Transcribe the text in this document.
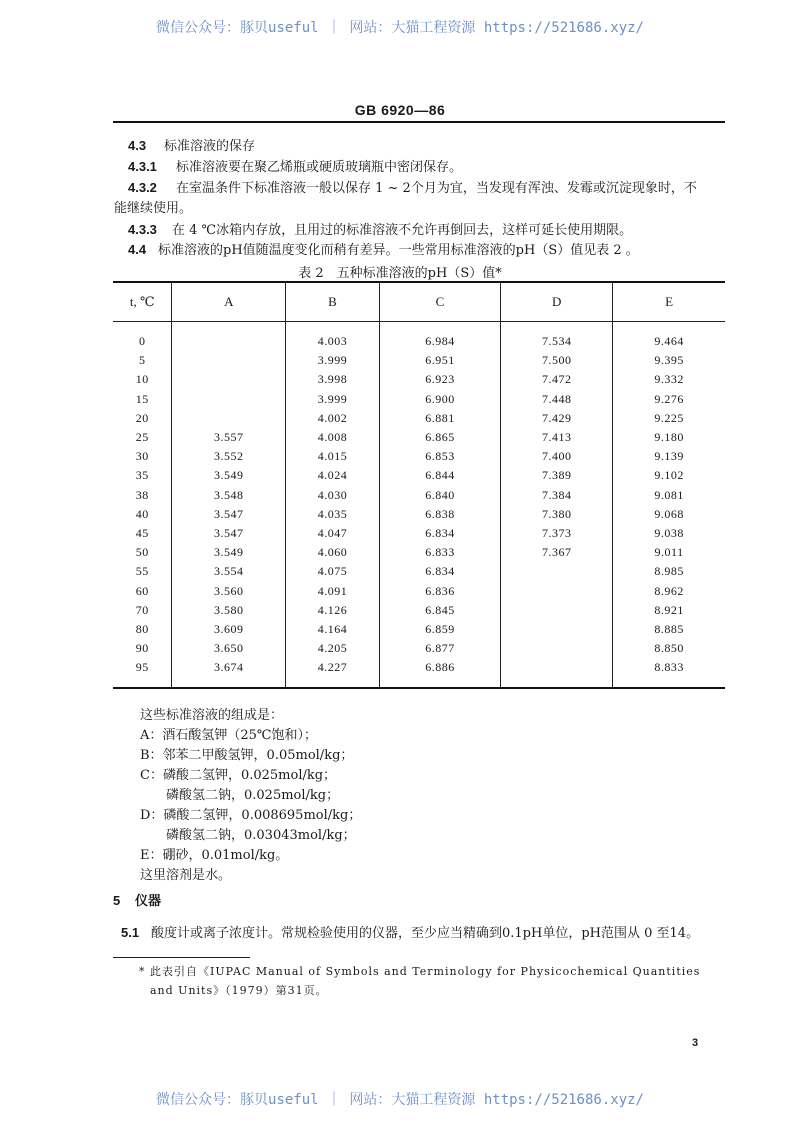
微信公众号：豚贝useful ｜ 网站：大猫工程资源 https://521686.xyz/
GB 6920—86
4.3 标准溶液的保存
4.3.1 标准溶液要在聚乙烯瓶或硬质玻璃瓶中密闭保存。
4.3.2 在室温条件下标准溶液一般以保存 1 ~ 2个月为宜，当发现有浑浊、发霉或沉淀现象时，不
能继续使用。
4.3.3 在 4 ℃冰箱内存放，且用过的标准溶液不允许再倒回去，这样可延长使用期限。
4.4 标准溶液的pH值随温度变化而稍有差异。一些常用标准溶液的pH（S）值见表 2 。
表 2　五种标准溶液的pH（S）值*
t, ℃	A	B	C	D	E
0		4.003	6.984	7.534	9.464
5		3.999	6.951	7.500	9.395
10		3.998	6.923	7.472	9.332
15		3.999	6.900	7.448	9.276
20		4.002	6.881	7.429	9.225
25	3.557	4.008	6.865	7.413	9.180
30	3.552	4.015	6.853	7.400	9.139
35	3.549	4.024	6.844	7.389	9.102
38	3.548	4.030	6.840	7.384	9.081
40	3.547	4.035	6.838	7.380	9.068
45	3.547	4.047	6.834	7.373	9.038
50	3.549	4.060	6.833	7.367	9.011
55	3.554	4.075	6.834		8.985
60	3.560	4.091	6.836		8.962
70	3.580	4.126	6.845		8.921
80	3.609	4.164	6.859		8.885
90	3.650	4.205	6.877		8.850
95	3.674	4.227	6.886		8.833
这些标准溶液的组成是：
A：酒石酸氢钾（25℃饱和）；
B：邻苯二甲酸氢钾，0.05mol/kg；
C：磷酸二氢钾，0.025mol/kg；
　　磷酸氢二钠，0.025mol/kg；
D：磷酸二氢钾，0.008695mol/kg；
　　磷酸氢二钠，0.03043mol/kg；
E：硼砂，0.01mol/kg。
这里溶剂是水。
5 仪器
5.1 酸度计或离子浓度计。常规检验使用的仪器，至少应当精确到0.1pH单位，pH范围从 0 至14。
* 此表引自《IUPAC Manual of Symbols and Terminology for Physicochemical Quantities
and Units》（1979）第31页。
3
微信公众号：豚贝useful ｜ 网站：大猫工程资源 https://521686.xyz/
